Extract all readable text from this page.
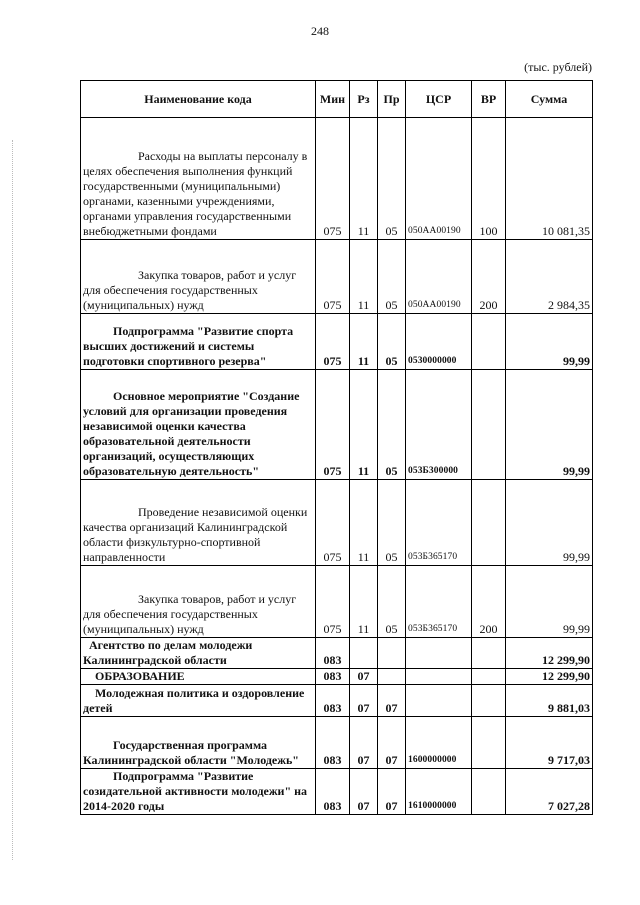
248
(тыс. рублей)
Наименование кода	Мин	Рз	Пр	ЦСР	ВР	Сумма
Расходы на выплаты персоналу в целях обеспечения выполнения функций государственными (муниципальными) органами, казенными учреждениями, органами управления государственными внебюджетными фондами	075	11	05	050АА00190	100	10 081,35
Закупка товаров, работ и услуг для обеспечения государственных (муниципальных) нужд	075	11	05	050АА00190	200	2 984,35
Подпрограмма "Развитие спорта высших достижений и системы подготовки спортивного резерва"	075	11	05	0530000000		99,99
Основное мероприятие "Создание условий для организации проведения независимой оценки качества образовательной деятельности организаций, осуществляющих образовательную деятельность"	075	11	05	053Б300000		99,99
Проведение независимой оценки качества организаций Калининградской области физкультурно-спортивной направленности	075	11	05	053Б365170		99,99
Закупка товаров, работ и услуг для обеспечения государственных (муниципальных) нужд	075	11	05	053Б365170	200	99,99
Агентство по делам молодежи Калининградской области	083					12 299,90
ОБРАЗОВАНИЕ	083	07				12 299,90
Молодежная политика и оздоровление детей	083	07	07			9 881,03
Государственная программа Калининградской области "Молодежь"	083	07	07	1600000000		9 717,03
Подпрограмма "Развитие созидательной активности молодежи" на 2014-2020 годы	083	07	07	1610000000		7 027,28
